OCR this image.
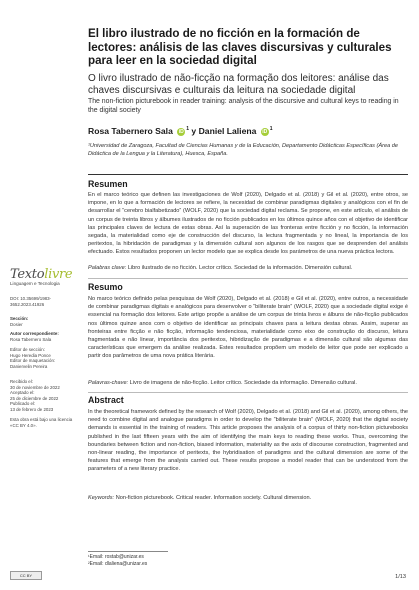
El libro ilustrado de no ficción en la formación de lectores: análisis de las claves discursivas y culturales para leer en la sociedad digital

O livro ilustrado de não-ficção na formação dos leitores: análise das chaves discursivas e culturais da leitura na sociedade digital

The non-fiction picturebook in reader training: analysis of the discursive and cultural keys to reading in the digital society

Rosa Tabernero Sala iD $^1$ y Daniel Laliena iD $^1$
¹Universidad de Zaragoza, Facultad de Ciencias Humanas y de la Educación, Departamento Didácticas Específicas (Área de Didáctica de la Lengua y la Literatura), Huesca, España.
Resumen

En el marco teórico que definen las investigaciones de Wolf (2020), Delgado et al. (2018) y Gil et al. (2020), entre otros, se impone, en lo que a formación de lectores se refiere, la necesidad de combinar paradigmas digitales y analógicos con el fin de desarrollar el “cerebro bialfabetizado” (WOLF, 2020) que la sociedad digital reclama. Se propone, en este artículo, el análisis de un corpus de treinta libros y álbumes ilustrados de no ficción publicados en los últimos quince años con el objetivo de identificar las principales claves de lectura de estas obras. Así la superación de las fronteras entre ficción y no ficción, la información segada, la materialidad como eje de construcción del discurso, la lectura fragmentada y no lineal, la importancia de los peritextos, la hibridación de paradigmas y la dimensión cultural son algunos de los rasgos que se desprenden del análisis efectuado. Estos resultados proponen un lector modelo que se explica desde los parámetros de una nueva práctica lectora.

Palabras clave: Libro ilustrado de no ficción. Lector crítico. Sociedad de la información. Dimensión cultural.

Resumo

No marco teórico definido pelas pesquisas de Wolf (2020), Delgado et al. (2018) e Gil et al. (2020), entre outros, a necessidade de combinar paradigmas digitais e analógicos para desenvolver o “biliterate brain” (WOLF, 2020) que a sociedade digital exige é essencial na formação dos leitores. Este artigo propõe a análise de um corpus de trinta livros e álbuns de não-ficção publicados nos últimos quinze anos com o objetivo de identificar as principais chaves para a leitura destas obras. Assim, superar as fronteiras entre ficção e não ficção, informação tendenciosa, materialidade como eixo de construção do discurso, leitura fragmentada e não linear, importância dos peritextos, hibridização de paradigmas e a dimensão cultural são algumas das características que emergem da análise realizada. Estes resultados propõem um modelo de leitor que pode ser explicado a partir dos parâmetros de uma nova prática literária.

Palavras-chave: Livro de imagens de não-ficção. Leitor crítico. Sociedade da informação. Dimensão cultural.

Abstract

In the theoretical framework defined by the research of Wolf (2020), Delgado et al. (2018) and Gil et al. (2020), among others, the need to combine digital and analogue paradigms in order to develop the “biliterate brain” (WOLF, 2020) that the digital society demands is essential in the training of readers. This article proposes the analysis of a corpus of thirty non-fiction picturebooks published in the last fifteen years with the aim of identifying the main keys to reading these works. Thus, overcoming the boundaries between fiction and non-fiction, biased information, materiality as the axis of discourse construction, fragmented and non-linear reading, the importance of peritexts, the hybridisation of paradigms and the cultural dimension are some of the features that emerge from the analysis carried out. These results propose a model reader that can be understood from the parameters of a new literary practice.

Keywords: Non-fiction picturebook. Critical reader. Information society. Cultural dimension.

Textolivre
Linguagem e Tecnologia

DOI: 10.35699/1983-3652.2023.41926

Sección:
Dosier

Autor correspondiente:
Rosa Tabernero Sala

Editor de sección:
Hugo Heredia Ponce
Editor de maquetación:
Daniervelin Pereira

Recibido el:
30 de noviembre de 2022
Aceptado el:
25 de diciembre de 2022
Publicado el:
13 de febrero de 2023

Esta obra está bajo una licencia «CC BY 4.0».

CC BY
¹Email: rostab@unizar.es
²Email: dlaliena@unizar.es
1/13
